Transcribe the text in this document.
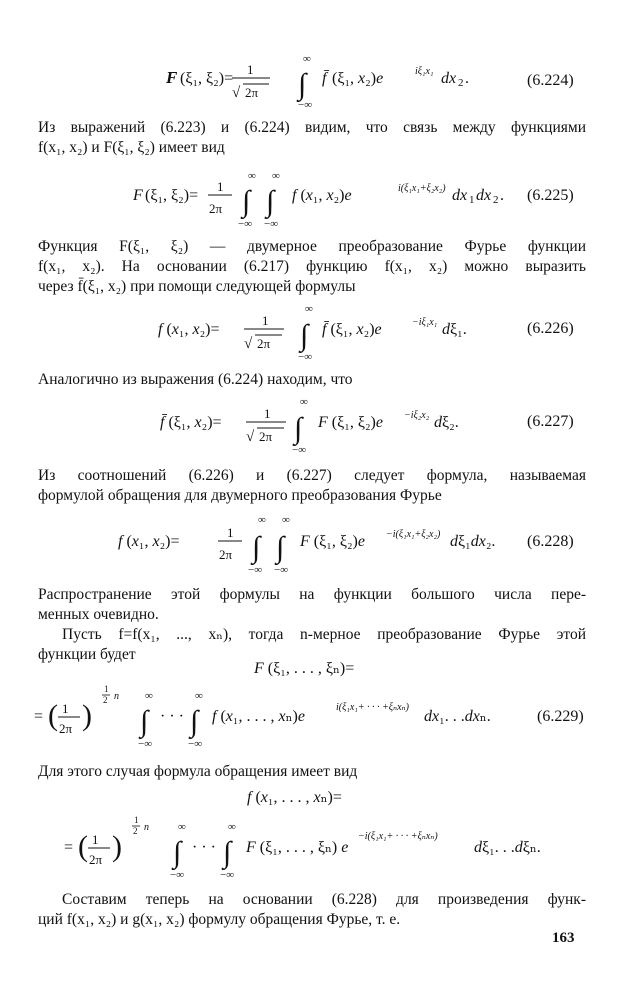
F (ξ₁, ξ₂)=
1
√ 2π
∞
∫
−∞
f̄ (ξ₁, x₂)e	iξ₁x₁ dx 2 .	(6.224)
Из выражений (6.223) и (6.224) видим, что связь между функциями
f(x₁, x₂) и F(ξ₁, ξ₂) имеет вид
F (ξ₁, ξ₂)=
1
2π
∞
∫
−∞
∞
∫
−∞
f (x₁, x₂)e	i(ξ₁x₁+ξ₂x₂) dx 1 dx 2 . (6.225)
Функция F(ξ₁, ξ₂) — двумерное преобразование Фурье функции
f(x₁, x₂). На основании (6.217) функцию f(x₁, x₂) можно выразить
через f̄(ξ₁, x₂) при помощи следующей формулы
f (x₁, x₂)=
1
√ 2π
∞
∫
−∞
f̄ (ξ₁, x₂)e	−iξ₁x₁ dξ₁.	(6.226)
Аналогично из выражения (6.224) находим, что
f̄ (ξ₁, x₂)=
1
√ 2π
∞
∫
−∞
F (ξ₁, ξ₂)e −iξ₂x₂ dξ₂.	(6.227)
Из соотношений (6.226) и (6.227) следует формула, называемая
формулой обращения для двумерного преобразования Фурье
f (x₁, x₂)=
1
2π
∞
∫
−∞
∞
∫
−∞
F (ξ₁, ξ₂)e −i(ξ₁x₁+ξ₂x₂) dξ₁dx₂. (6.228)
Распространение этой формулы на функции большого числа пере-
менных очевидно.
Пусть f=f(x₁, ..., xₙ), тогда n-мерное преобразование Фурье этой
функции будет
F (ξ₁, . . . , ξₙ)=
= ( 1
2π )
1
2 n ∞
∫
−∞
· · ·
∞
∫
−∞
f (x₁, . . . , xₙ)e
i(ξ₁x₁+ · · · +ξₙxₙ)
dx₁. . .dxₙ.	(6.229)
Для этого случая формула обращения имеет вид
f (x₁, . . . , xₙ)=
= ( 1
2π )
1
2 n	∞
∫
−∞
· · ·
∞
∫
−∞
F (ξ₁, . . . , ξₙ) e
−i(ξ₁x₁+ · · · +ξₙxₙ)
dξ₁. . .dξₙ.
Составим теперь на основании (6.228) для произведения функ-
ций f(x₁, x₂) и g(x₁, x₂) формулу обращения Фурье, т. е.
163
